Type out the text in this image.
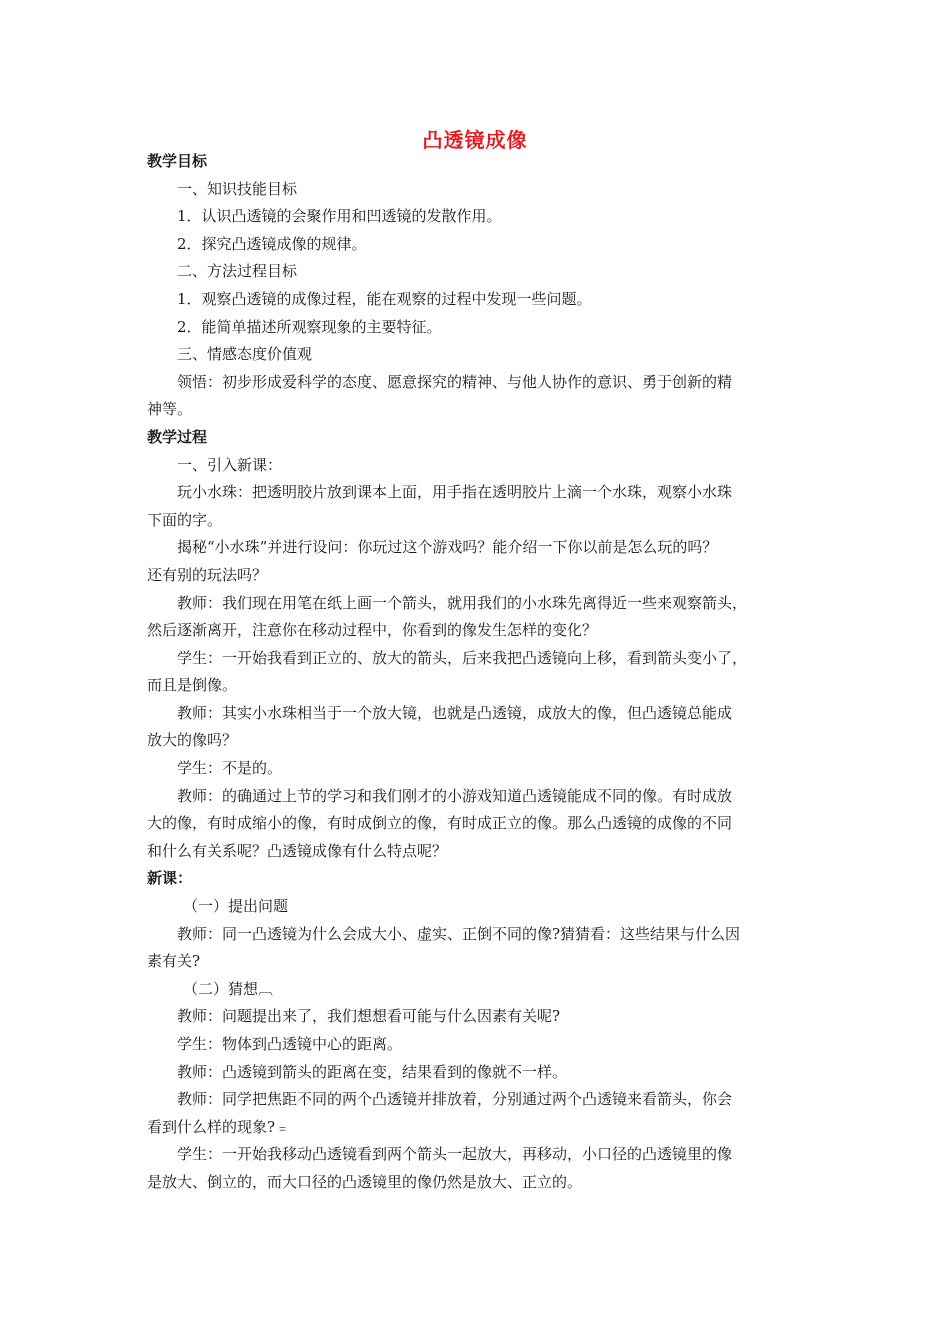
凸透镜成像
教学目标
一、知识技能目标
1．认识凸透镜的会聚作用和凹透镜的发散作用。
2．探究凸透镜成像的规律。
二、方法过程目标
1．观察凸透镜的成像过程，能在观察的过程中发现一些问题。
2．能简单描述所观察现象的主要特征。
三、情感态度价值观
领悟：初步形成爱科学的态度、愿意探究的精神、与他人协作的意识、勇于创新的精
神等。
教学过程
一、引入新课：
玩小水珠：把透明胶片放到课本上面，用手指在透明胶片上滴一个水珠，观察小水珠
下面的字。
揭秘“小水珠”并进行设问：你玩过这个游戏吗？能介绍一下你以前是怎么玩的吗？
还有别的玩法吗？
教师：我们现在用笔在纸上画一个箭头，就用我们的小水珠先离得近一些来观察箭头，
然后逐渐离开，注意你在移动过程中，你看到的像发生怎样的变化？
学生：一开始我看到正立的、放大的箭头，后来我把凸透镜向上移，看到箭头变小了，
而且是倒像。
教师：其实小水珠相当于一个放大镜，也就是凸透镜，成放大的像，但凸透镜总能成
放大的像吗？
学生：不是的。
教师：的确通过上节的学习和我们刚才的小游戏知道凸透镜能成不同的像。有时成放
大的像，有时成缩小的像，有时成倒立的像，有时成正立的像。那么凸透镜的成像的不同
和什么有关系呢？凸透镜成像有什么特点呢？
新课：
（一）提出问题
教师：同一凸透镜为什么会成大小、虚实、正倒不同的像?猜猜看：这些结果与什么因
素有关?
（二）猜想︹
教师：问题提出来了，我们想想看可能与什么因素有关呢?
学生：物体到凸透镜中心的距离。
教师：凸透镜到箭头的距离在变，结果看到的像就不一样。
教师：同学把焦距不同的两个凸透镜并排放着，分别通过两个凸透镜来看箭头，你会
看到什么样的现象?﹦
学生：一开始我移动凸透镜看到两个箭头一起放大，再移动，小口径的凸透镜里的像
是放大、倒立的，而大口径的凸透镜里的像仍然是放大、正立的。
